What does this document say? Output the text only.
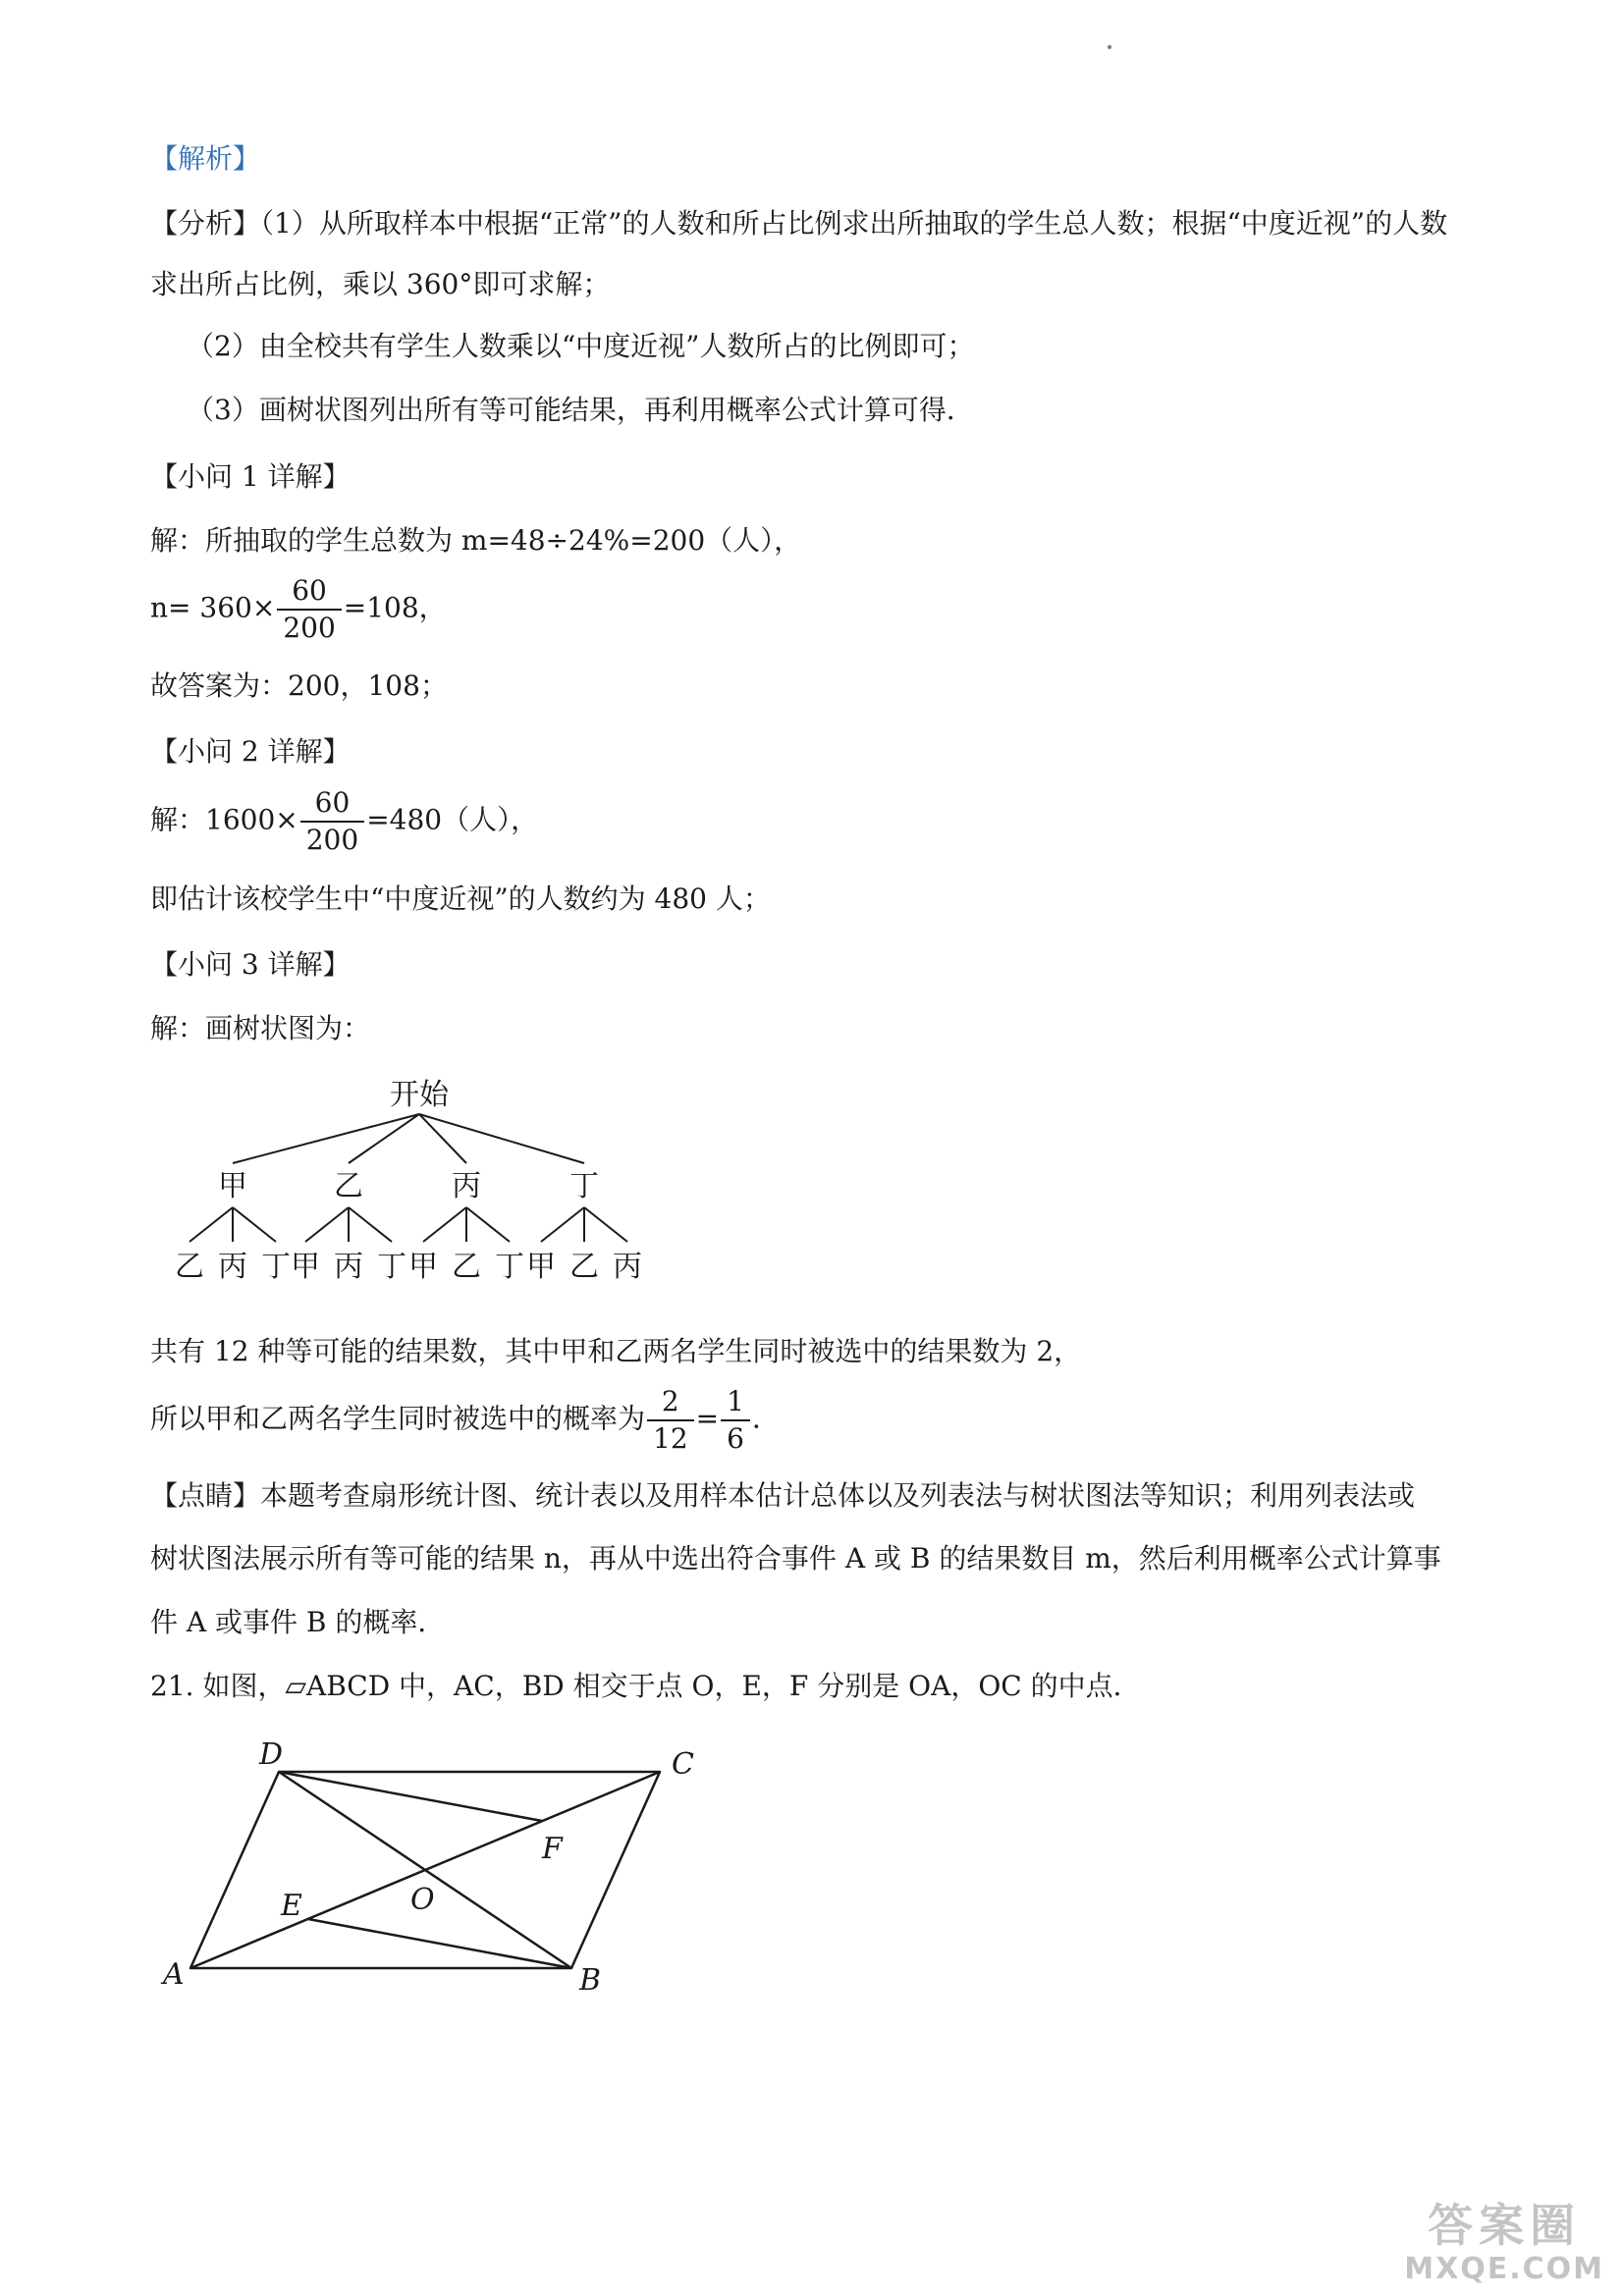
【解析】
【分析】（1）从所取样本中根据“正常”的人数和所占比例求出所抽取的学生总人数；根据“中度近视”的人数
求出所占比例，乘以 360°即可求解；
（2）由全校共有学生人数乘以“中度近视”人数所占的比例即可；
（3）画树状图列出所有等可能结果，再利用概率公式计算可得．
【小问 1 详解】
解：所抽取的学生总数为 m=48÷24%=200（人），
$n= 360\times \frac{60}{200} =108$，
故答案为：200，108；
【小问 2 详解】
解：$1600\times \frac{60}{200} =480$（人），
即估计该校学生中“中度近视”的人数约为 480 人；
【小问 3 详解】
解：画树状图为：
开始
甲	乙	丙	丁
乙 丙 丁 甲 丙 丁 甲 乙 丁 甲 乙 丙
共有 12 种等可能的结果数，其中甲和乙两名学生同时被选中的结果数为 2，
所以甲和乙两名学生同时被选中的概率为 $\frac{2}{12} = \frac{1}{6}$ ．
【点睛】本题考查扇形统计图、统计表以及用样本估计总体以及列表法与树状图法等知识；利用列表法或
树状图法展示所有等可能的结果 n，再从中选出符合事件 A 或 B 的结果数目 m，然后利用概率公式计算事
件 A 或事件 B 的概率．
21. 如图，▱ABCD 中，AC，BD 相交于点 O，E，F 分别是 OA，OC 的中点．
D	C
F
O
E
A	B
答案圈
MXQE.COM
